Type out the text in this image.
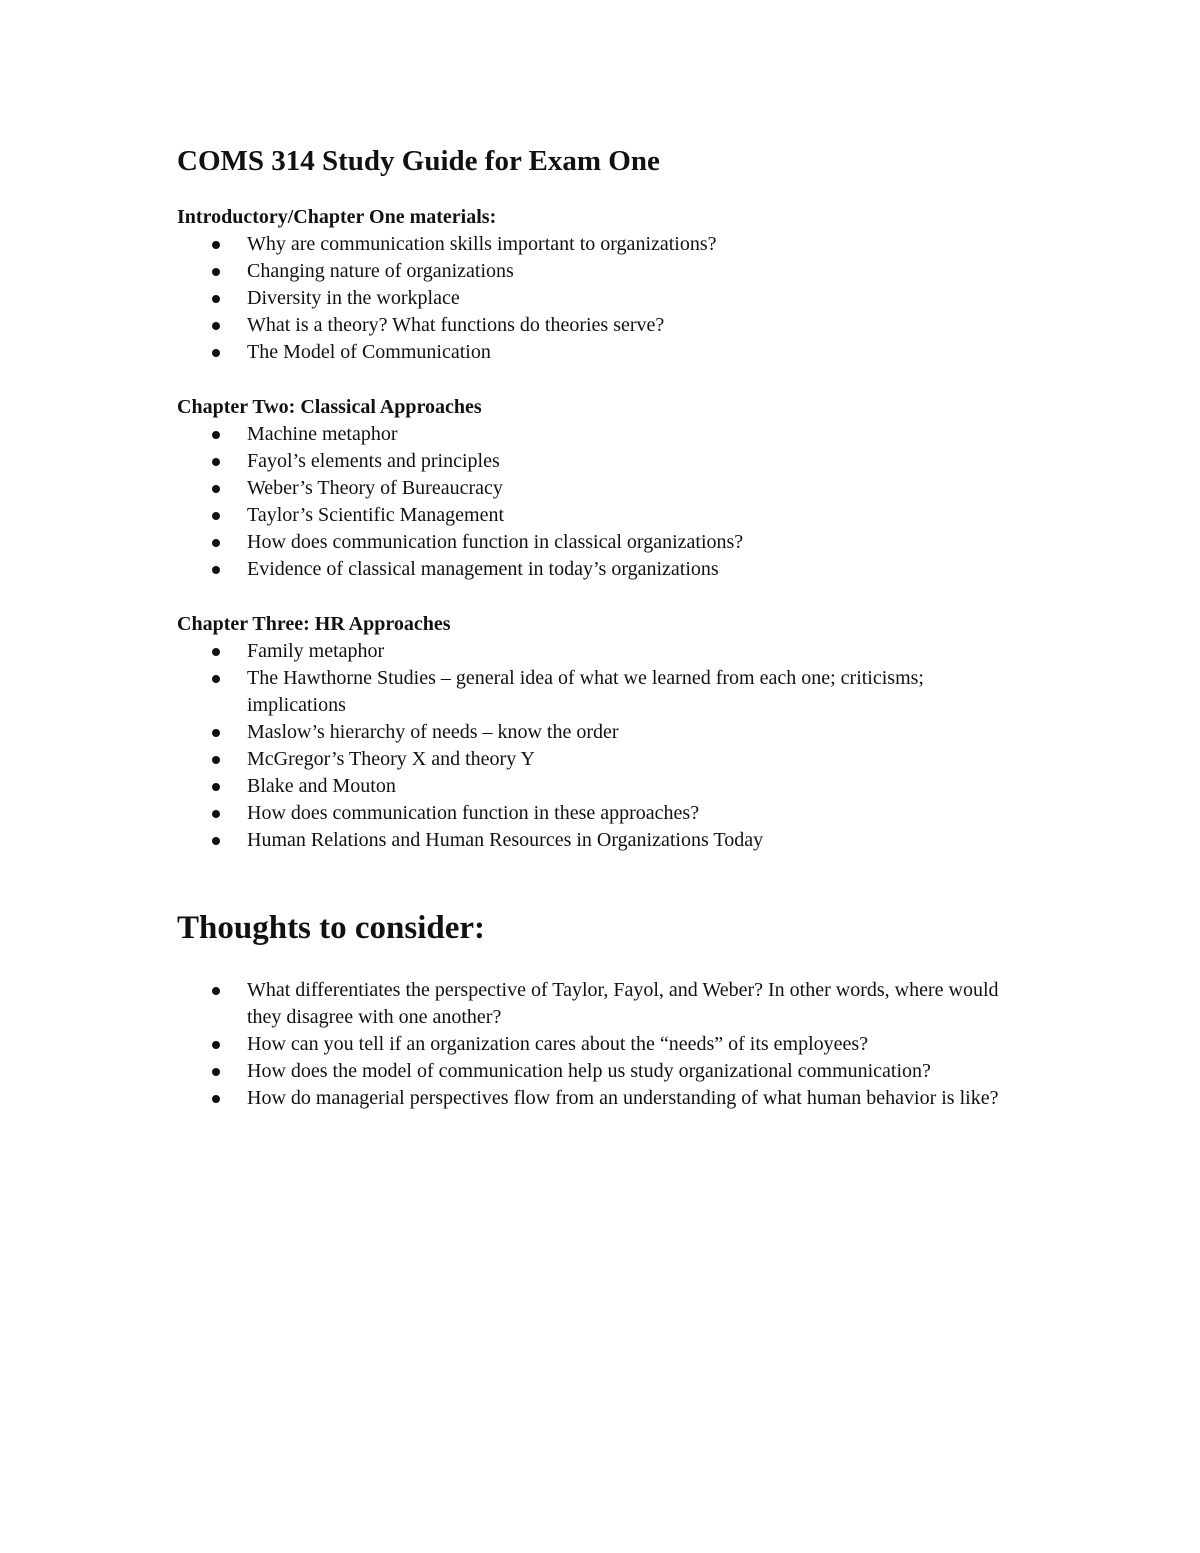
COMS 314 Study Guide for Exam One
Introductory/Chapter One materials:
Why are communication skills important to organizations?
Changing nature of organizations
Diversity in the workplace
What is a theory? What functions do theories serve?
The Model of Communication
Chapter Two: Classical Approaches
Machine metaphor
Fayol’s elements and principles
Weber’s Theory of Bureaucracy
Taylor’s Scientific Management
How does communication function in classical organizations?
Evidence of classical management in today’s organizations
Chapter Three: HR Approaches
Family metaphor
The Hawthorne Studies – general idea of what we learned from each one; criticisms; implications
Maslow’s hierarchy of needs – know the order
McGregor’s Theory X and theory Y
Blake and Mouton
How does communication function in these approaches?
Human Relations and Human Resources in Organizations Today
Thoughts to consider:
What differentiates the perspective of Taylor, Fayol, and Weber? In other words, where would they disagree with one another?
How can you tell if an organization cares about the “needs” of its employees?
How does the model of communication help us study organizational communication?
How do managerial perspectives flow from an understanding of what human behavior is like?
